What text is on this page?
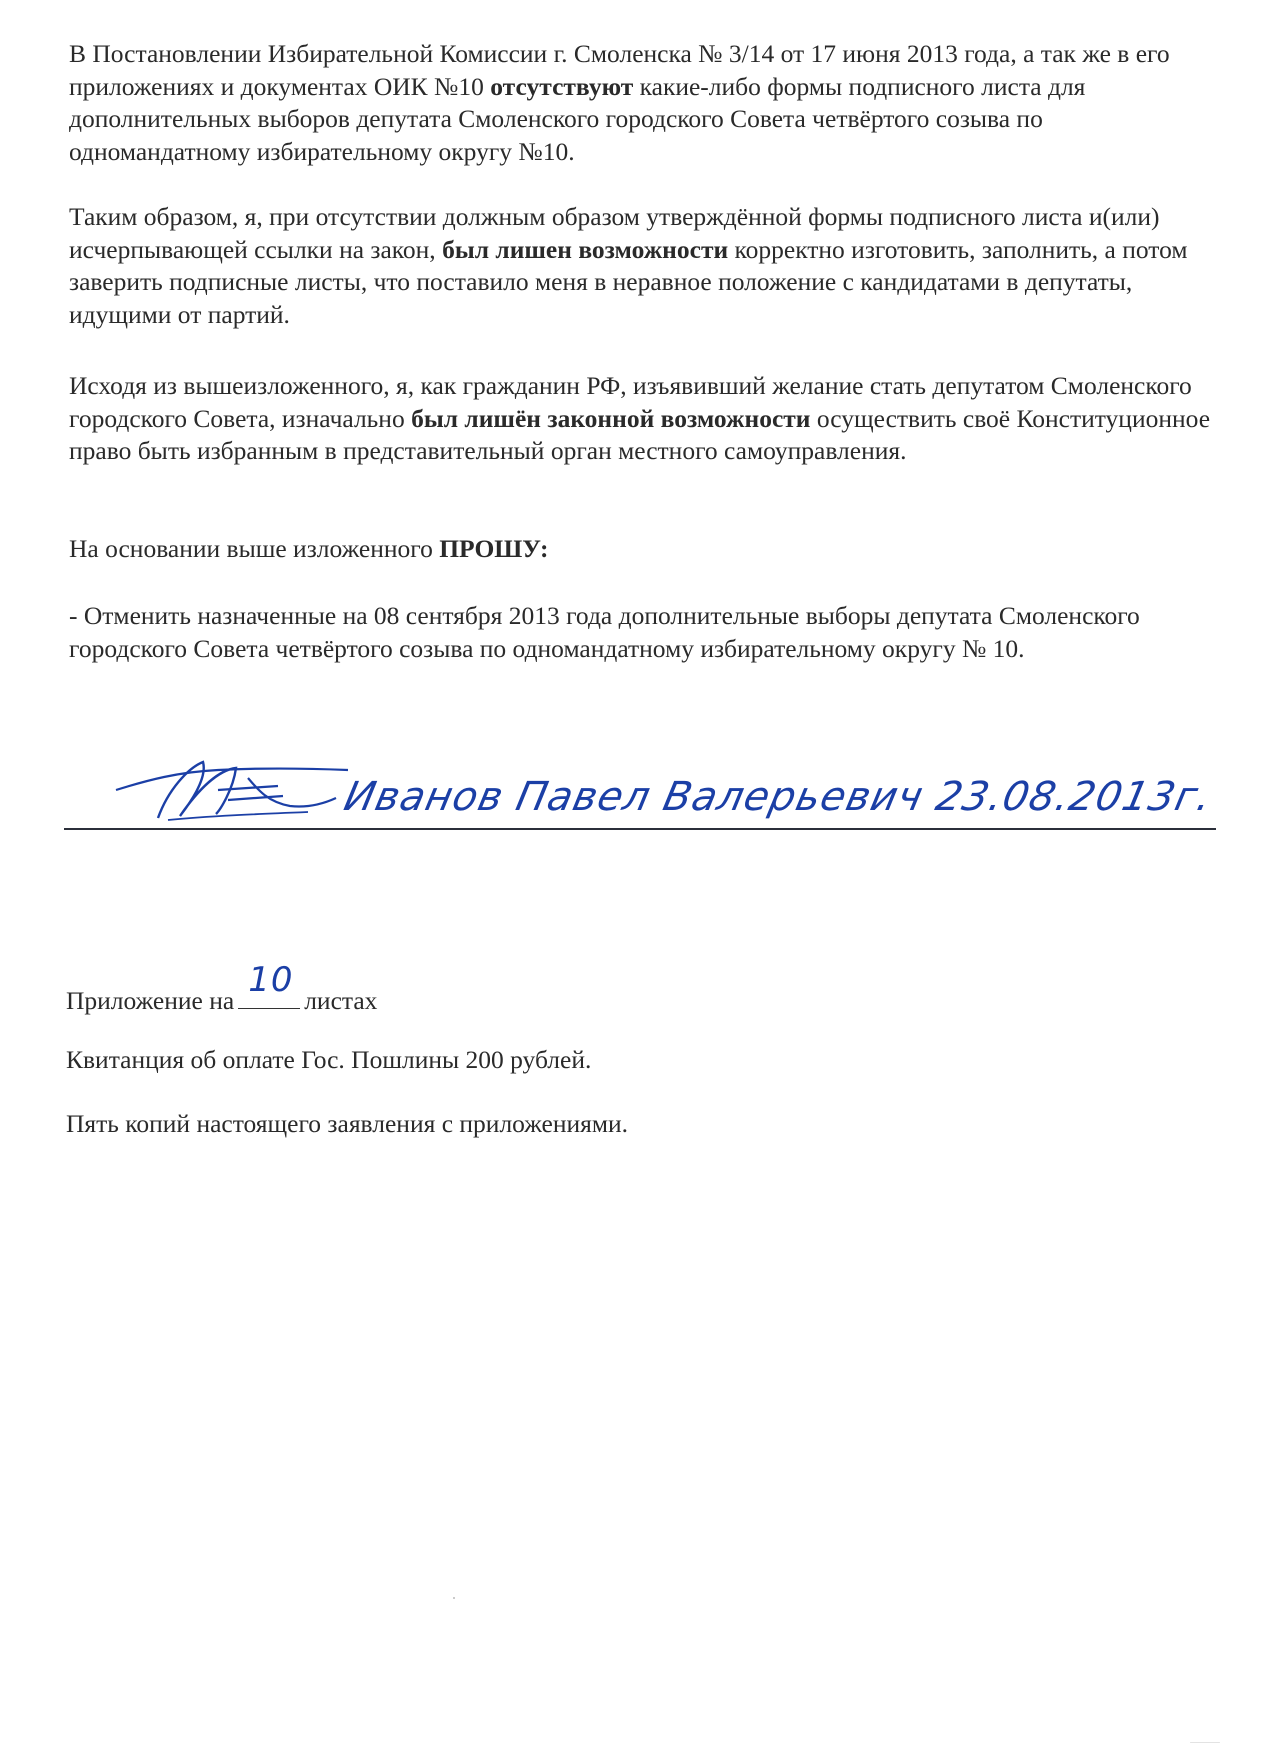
В Постановлении Избирательной Комиссии г. Смоленска № 3/14 от 17 июня 2013 года, а так же в его приложениях и документах ОИК №10 отсутствуют какие-либо формы подписного листа для дополнительных выборов депутата Смоленского городского Совета четвёртого созыва по одномандатному избирательному округу №10.

Таким образом, я, при отсутствии должным образом утверждённой формы подписного листа и(или) исчерпывающей ссылки на закон, был лишен возможности корректно изготовить, заполнить, а потом заверить подписные листы, что поставило меня в неравное положение с кандидатами в депутаты, идущими от партий.

Исходя из вышеизложенного, я, как гражданин РФ, изъявивший желание стать депутатом Смоленского городского Совета, изначально был лишён законной возможности осуществить своё Конституционное право быть избранным в представительный орган местного самоуправления.

На основании выше изложенного ПРОШУ:

- Отменить назначенные на 08 сентября 2013 года дополнительные выборы депутата Смоленского городского Совета четвёртого созыва по одномандатному избирательному округу № 10.

Иванов Павел Валерьевич 23.08.2013г.

Приложение на
10
листах

Квитанция об оплате Гос. Пошлины 200 рублей.

Пять копий настоящего заявления с приложениями.
